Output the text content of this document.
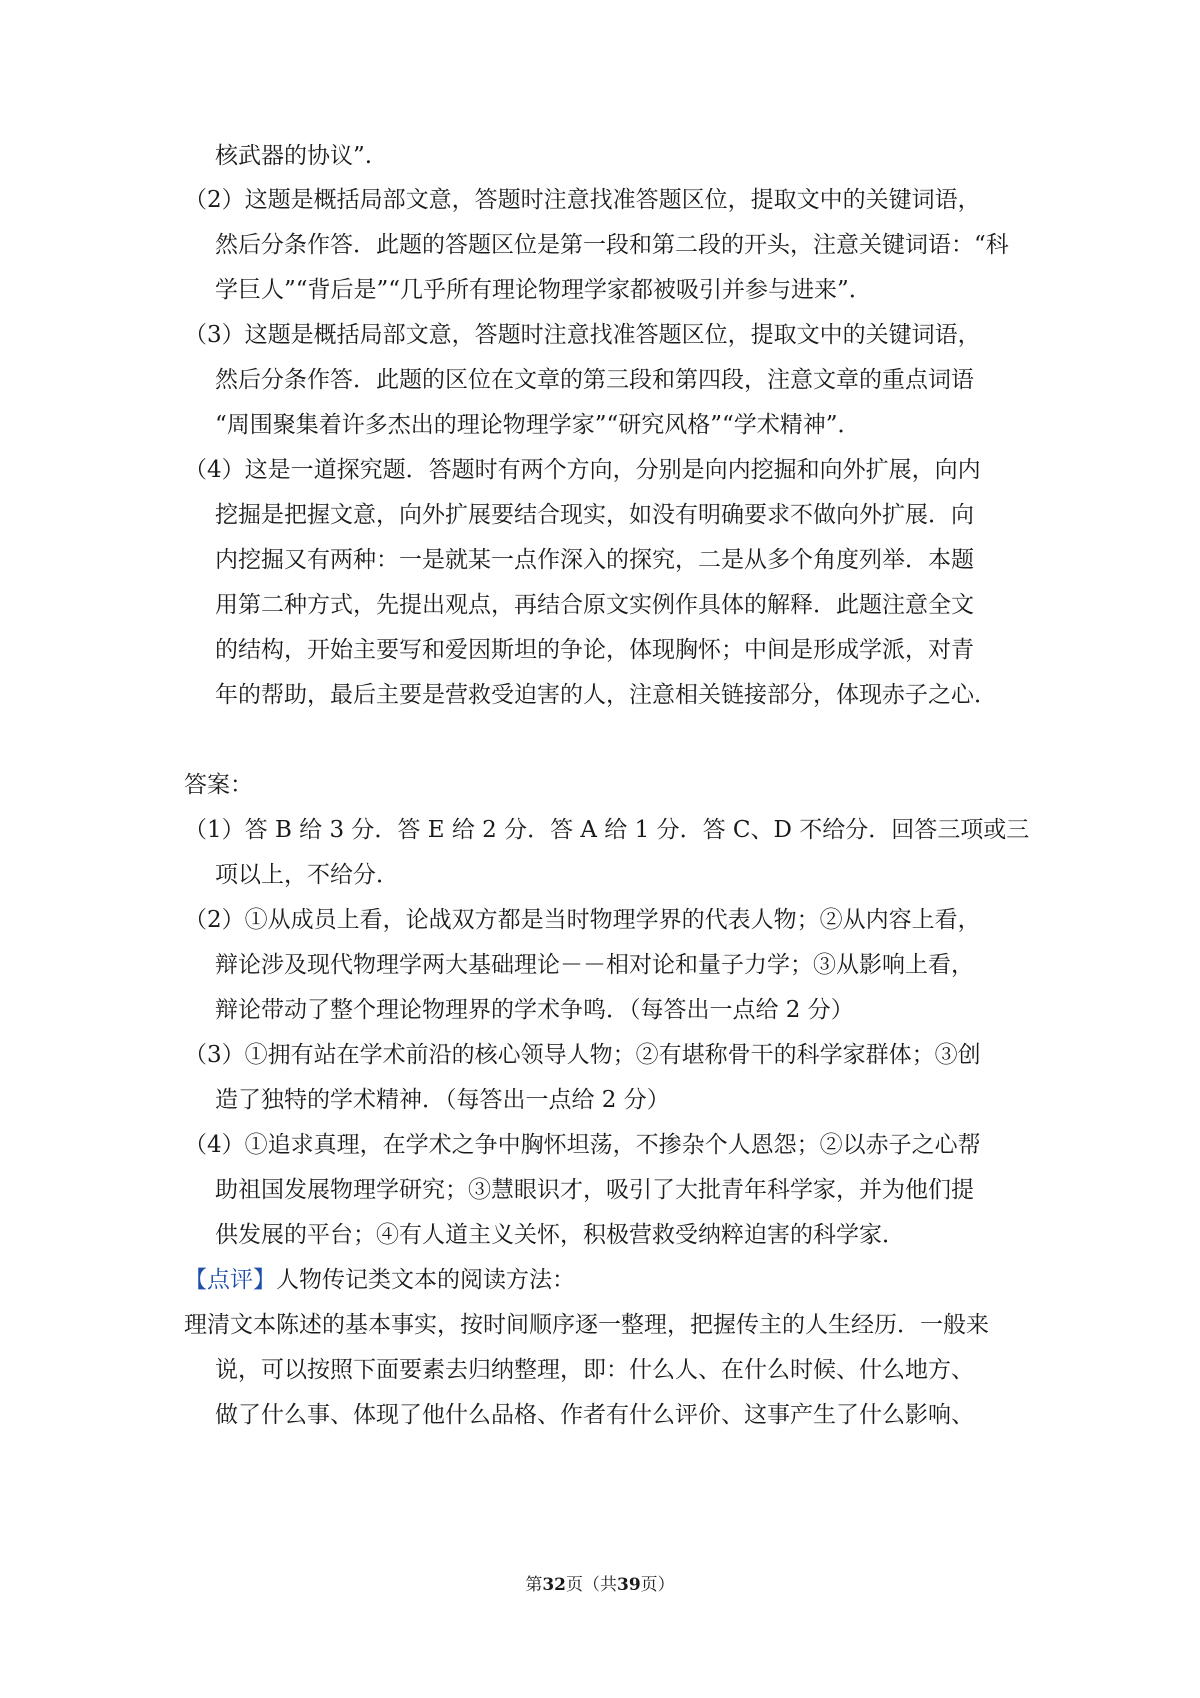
核武器的协议”.
（2）这题是概括局部文意，答题时注意找准答题区位，提取文中的关键词语，
然后分条作答．此题的答题区位是第一段和第二段的开头，注意关键词语：“科
学巨人”“背后是”“几乎所有理论物理学家都被吸引并参与进来”．
（3）这题是概括局部文意，答题时注意找准答题区位，提取文中的关键词语，
然后分条作答．此题的区位在文章的第三段和第四段，注意文章的重点词语
“周围聚集着许多杰出的理论物理学家”“研究风格”“学术精神”．
（4）这是一道探究题．答题时有两个方向，分别是向内挖掘和向外扩展，向内
挖掘是把握文意，向外扩展要结合现实，如没有明确要求不做向外扩展．向
内挖掘又有两种：一是就某一点作深入的探究，二是从多个角度列举．本题
用第二种方式，先提出观点，再结合原文实例作具体的解释．此题注意全文
的结构，开始主要写和爱因斯坦的争论，体现胸怀；中间是形成学派，对青
年的帮助，最后主要是营救受迫害的人，注意相关链接部分，体现赤子之心．
答案：
（1）答 B 给 3 分．答 E 给 2 分．答 A 给 1 分．答 C、D 不给分．回答三项或三
项以上，不给分．
（2）①从成员上看，论战双方都是当时物理学界的代表人物；②从内容上看，
辩论涉及现代物理学两大基础理论－－相对论和量子力学；③从影响上看，
辩论带动了整个理论物理界的学术争鸣．（每答出一点给 2 分）
（3）①拥有站在学术前沿的核心领导人物；②有堪称骨干的科学家群体；③创
造了独特的学术精神．（每答出一点给 2 分）
（4）①追求真理，在学术之争中胸怀坦荡，不掺杂个人恩怨；②以赤子之心帮
助祖国发展物理学研究；③慧眼识才，吸引了大批青年科学家，并为他们提
供发展的平台；④有人道主义关怀，积极营救受纳粹迫害的科学家．
【点评】人物传记类文本的阅读方法：
理清文本陈述的基本事实，按时间顺序逐一整理，把握传主的人生经历．一般来
说，可以按照下面要素去归纳整理，即：什么人、在什么时候、什么地方、
做了什么事、体现了他什么品格、作者有什么评价、这事产生了什么影响、
第32页（共39页）
